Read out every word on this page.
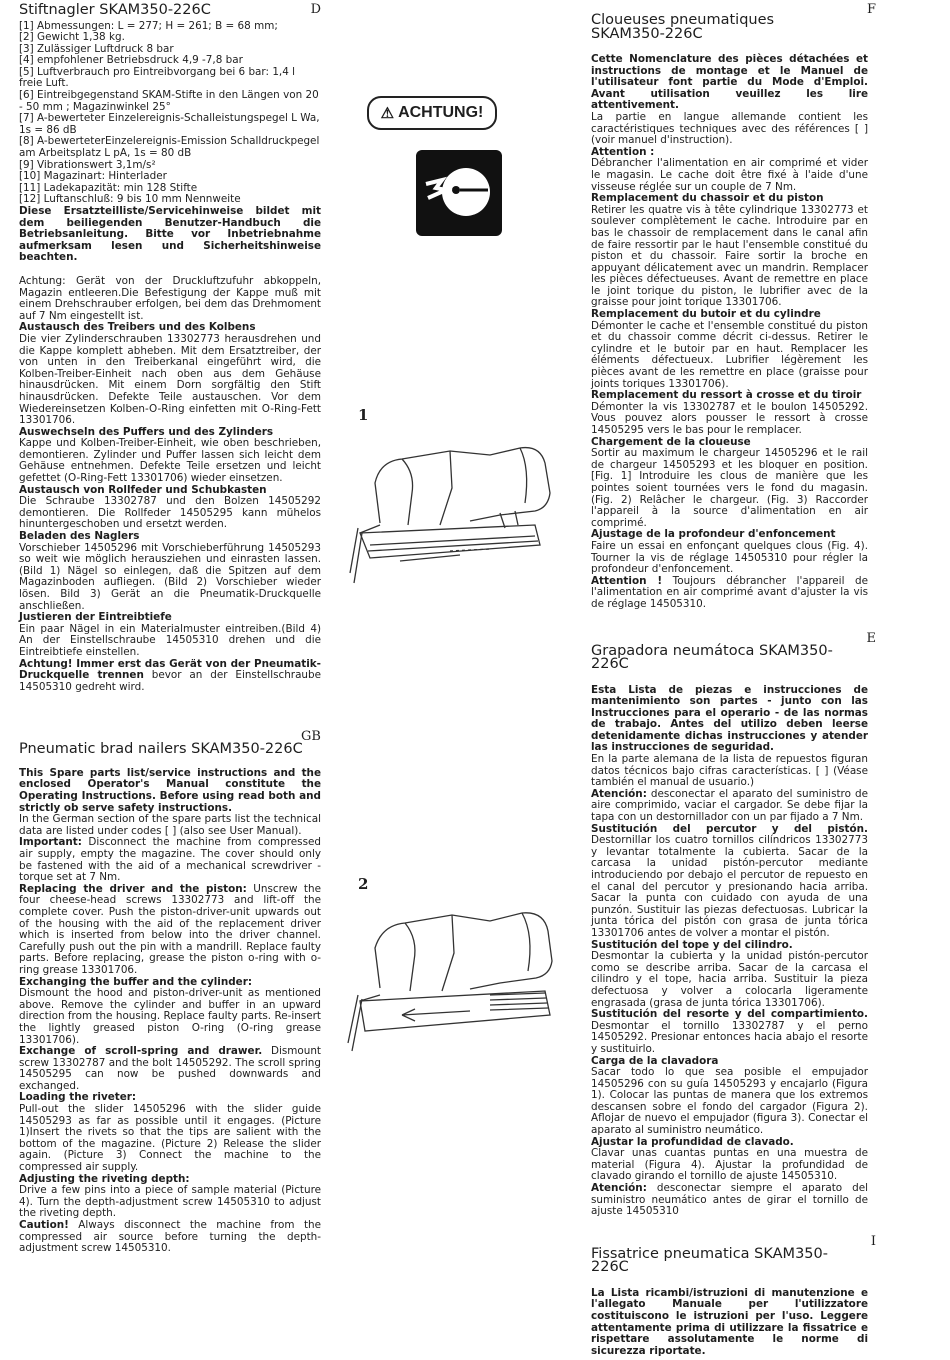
D
Stiftnagler SKAM350-226C

[1] Abmessungen: L = 277; H = 261; B = 68 mm;

[2] Gewicht 1,38 kg.

[3] Zulässiger Luftdruck 8 bar

[4] empfohlener Betriebsdruck 4,9 -7,8 bar

[5] Luftverbrauch pro Eintreibvorgang bei 6 bar: 1,4 l freie Luft.

[6] Eintreibgegenstand SKAM-Stifte in den Längen von 20 - 50 mm ; Magazinwinkel 25°

[7] A-bewerteter Einzelereignis-Schalleistungspegel L Wa, 1s = 86 dB

[8] A-bewerteterEinzelereignis-Emission Schalldruckpegel am Arbeitsplatz L pA, 1s = 80 dB

[9] Vibrationswert 3,1m/s²

[10] Magazinart: Hinterlader

[11] Ladekapazität: min 128 Stifte

[12] Luftanschluß: 9 bis 10 mm Nennweite

Diese Ersatzteilliste/Servicehinweise bildet mit dem beiliegenden Benutzer-Handbuch die Betriebsanleitung. Bitte vor Inbetriebnahme aufmerksam lesen und Sicherheitshinweise beachten.

Achtung: Gerät von der Druckluftzufuhr abkoppeln, Magazin entleeren.Die Befestigung der Kappe muß mit einem Drehschrauber erfolgen, bei dem das Drehmoment auf 7 Nm eingestellt ist.

Austausch des Treibers und des Kolbens

Die vier Zylinderschrauben 13302773 herausdrehen und die Kappe komplett abheben. Mit dem Ersatztreiber, der von unten in den Treiberkanal eingeführt wird, die Kolben-Treiber-Einheit nach oben aus dem Gehäuse hinausdrücken. Mit einem Dorn sorgfältig den Stift hinausdrücken. Defekte Teile austauschen. Vor dem Wiedereinsetzen Kolben-O-Ring einfetten mit O-Ring-Fett 13301706.

Auswechseln des Puffers und des Zylinders

Kappe und Kolben-Treiber-Einheit, wie oben beschrieben, demontieren. Zylinder und Puffer lassen sich leicht dem Gehäuse entnehmen. Defekte Teile ersetzen und leicht gefettet (O-Ring-Fett 13301706) wieder einsetzen.

Austausch von Rollfeder und Schubkasten

Die Schraube 13302787 und den Bolzen 14505292 demontieren. Die Rollfeder 14505295 kann mühelos hinuntergeschoben und ersetzt werden.

Beladen des Naglers

Vorschieber 14505296 mit Vorschieberführung 14505293 so weit wie möglich herausziehen und einrasten lassen. (Bild 1) Nägel so einlegen, daß die Spitzen auf dem Magazinboden aufliegen. (Bild 2) Vorschieber wieder lösen. Bild 3) Gerät an die Pneumatik-Druckquelle anschließen.

Justieren der Eintreibtiefe

Ein paar Nägel in ein Materialmuster eintreiben.(Bild 4) An der Einstellschraube 14505310 drehen und die Eintreibtiefe einstellen.

Achtung! Immer erst das Gerät von der Pneumatik-Druckquelle trennen bevor an der Einstellschraube 14505310 gedreht wird.

GB
Pneumatic brad nailers SKAM350-226C

This Spare parts list/service instructions and the enclosed Operator's Manual constitute the Operating Instructions. Before using read both and strictly ob serve safety instructions.

In the German section of the spare parts list the technical data are listed under codes [ ] (also see User Manual).

Important: Disconnect the machine from compressed air supply, empty the magazine. The cover should only be fastened with the aid of a mechanical screwdriver - torque set at 7 Nm.

Replacing the driver and the piston: Unscrew the four cheese-head screws 13302773 and lift-off the complete cover. Push the piston-driver-unit upwards out of the housing with the aid of the replacement driver which is inserted from below into the driver channel. Carefully push out the pin with a mandrill. Replace faulty parts. Before replacing, grease the piston o-ring with o-ring grease 13301706.

Exchanging the buffer and the cylinder:

Dismount the hood and piston-driver-unit as mentioned above. Remove the cylinder and buffer in an upward direction from the housing. Replace faulty parts. Re-insert the lightly greased piston O-ring (O-ring grease 13301706).

Exchange of scroll-spring and drawer. Dismount screw 13302787 and the bolt 14505292. The scroll spring 14505295 can now be pushed downwards and exchanged.

Loading the riveter:

Pull-out the slider 14505296 with the slider guide 14505293 as far as possible until it engages. (Picture 1)Insert the rivets so that the tips are salient with the bottom of the magazine. (Picture 2) Release the slider again. (Picture 3) Connect the machine to the compressed air supply.

Adjusting the riveting depth:

Drive a few pins into a piece of sample material (Picture 4). Turn the depth-adjustment screw 14505310 to adjust the riveting depth.

Caution! Always disconnect the machine from the compressed air source before turning the depth-adjustment screw 14505310.

⚠ ACHTUNG!
1
2
F
Cloueuses pneumatiques SKAM350-226C

Cette Nomenclature des pièces détachées et instructions de montage et le Manuel de l'utilisateur font partie du Mode d'Emploi. Avant utilisation veuillez les lire attentivement.

La partie en langue allemande contient les caractéristiques techniques avec des références [ ] (voir manuel d'instruction).

Attention :

Débrancher l'alimentation en air comprimé et vider le magasin. Le cache doit être fixé à l'aide d'une visseuse réglée sur un couple de 7 Nm.

Remplacement du chassoir et du piston

Retirer les quatre vis à tête cylindrique 13302773 et soulever complètement le cache. Introduire par en bas le chassoir de remplacement dans le canal afin de faire ressortir par le haut l'ensemble constitué du piston et du chassoir. Faire sortir la broche en appuyant délicatement avec un mandrin. Remplacer les pièces défectueuses. Avant de remettre en place le joint torique du piston, le lubrifier avec de la graisse pour joint torique 13301706.

Remplacement du butoir et du cylindre

Démonter le cache et l'ensemble constitué du piston et du chassoir comme décrit ci-dessus. Retirer le cylindre et le butoir par en haut. Remplacer les éléments défectueux. Lubrifier légèrement les pièces avant de les remettre en place (graisse pour joints toriques 13301706).

Remplacement du ressort à crosse et du tiroir

Démonter la vis 13302787 et le boulon 14505292. Vous pouvez alors pousser le ressort à crosse 14505295 vers le bas pour le remplacer.

Chargement de la cloueuse

Sortir au maximum le chargeur 14505296 et le rail de chargeur 14505293 et les bloquer en position. [Fig. 1] Introduire les clous de manière que les pointes soient tournées vers le fond du magasin. (Fig. 2) Relâcher le chargeur. (Fig. 3) Raccorder l'appareil à la source d'alimentation en air comprimé.

Ajustage de la profondeur d'enfoncement

Faire un essai en enfonçant quelques clous (Fig. 4). Tourner la vis de réglage 14505310 pour régler la profondeur d'enfoncement.

Attention ! Toujours débrancher l'appareil de l'alimentation en air comprimé avant d'ajuster la vis de réglage 14505310.

E
Grapadora neumátoca SKAM350-226C

Esta Lista de piezas e instrucciones de mantenimiento son partes - junto con las Instrucciones para el operario - de las normas de trabajo. Antes del utilizo deben leerse detenidamente dichas instrucciones y atender las instrucciones de seguridad.

En la parte alemana de la lista de repuestos figuran datos técnicos bajo cifras características. [ ] (Véase también el manual de usuario.)

Atención: desconectar el aparato del suministro de aire comprimido, vaciar el cargador. Se debe fijar la tapa con un destornillador con un par fijado a 7 Nm.

Sustitución del percutor y del pistón. Destornillar los cuatro tornillos cilíndricos 13302773 y levantar totalmente la cubierta. Sacar de la carcasa la unidad pistón-percutor mediante introduciendo por debajo el percutor de repuesto en el canal del percutor y presionando hacia arriba. Sacar la punta con cuidado con ayuda de una punzón. Sustituir las piezas defectuosas. Lubricar la junta tórica del pistón con grasa de junta tórica 13301706 antes de volver a montar el pistón.

Sustitución del tope y del cilindro.

Desmontar la cubierta y la unidad pistón-percutor como se describe arriba. Sacar de la carcasa el cilindro y el tope, hacia arriba. Sustituir la pieza defectuosa y volver a colocarla ligeramente engrasada (grasa de junta tórica 13301706).

Sustitución del resorte y del compartimiento. Desmontar el tornillo 13302787 y el perno 14505292. Presionar entonces hacia abajo el resorte y sustituirlo.

Carga de la clavadora

Sacar todo lo que sea posible el empujador 14505296 con su guía 14505293 y encajarlo (Figura 1). Colocar las puntas de manera que los extremos descansen sobre el fondo del cargador (Figura 2). Aflojar de nuevo el empujador (figura 3). Conectar el aparato al suministro neumático.

Ajustar la profundidad de clavado.

Clavar unas cuantas puntas en una muestra de material (Figura 4). Ajustar la profundidad de clavado girando el tornillo de ajuste 14505310.

Atención: desconectar siempre el aparato del suministro neumático antes de girar el tornillo de ajuste 14505310

I
Fissatrice pneumatica SKAM350-226C

La Lista ricambi/istruzioni di manutenzione e l'allegato Manuale per l'utilizzatore costituiscono le istruzioni per l'uso. Leggere attentamente prima di utilizzare la fissatrice e rispettare assolutamente le norme di sicurezza riportate.
